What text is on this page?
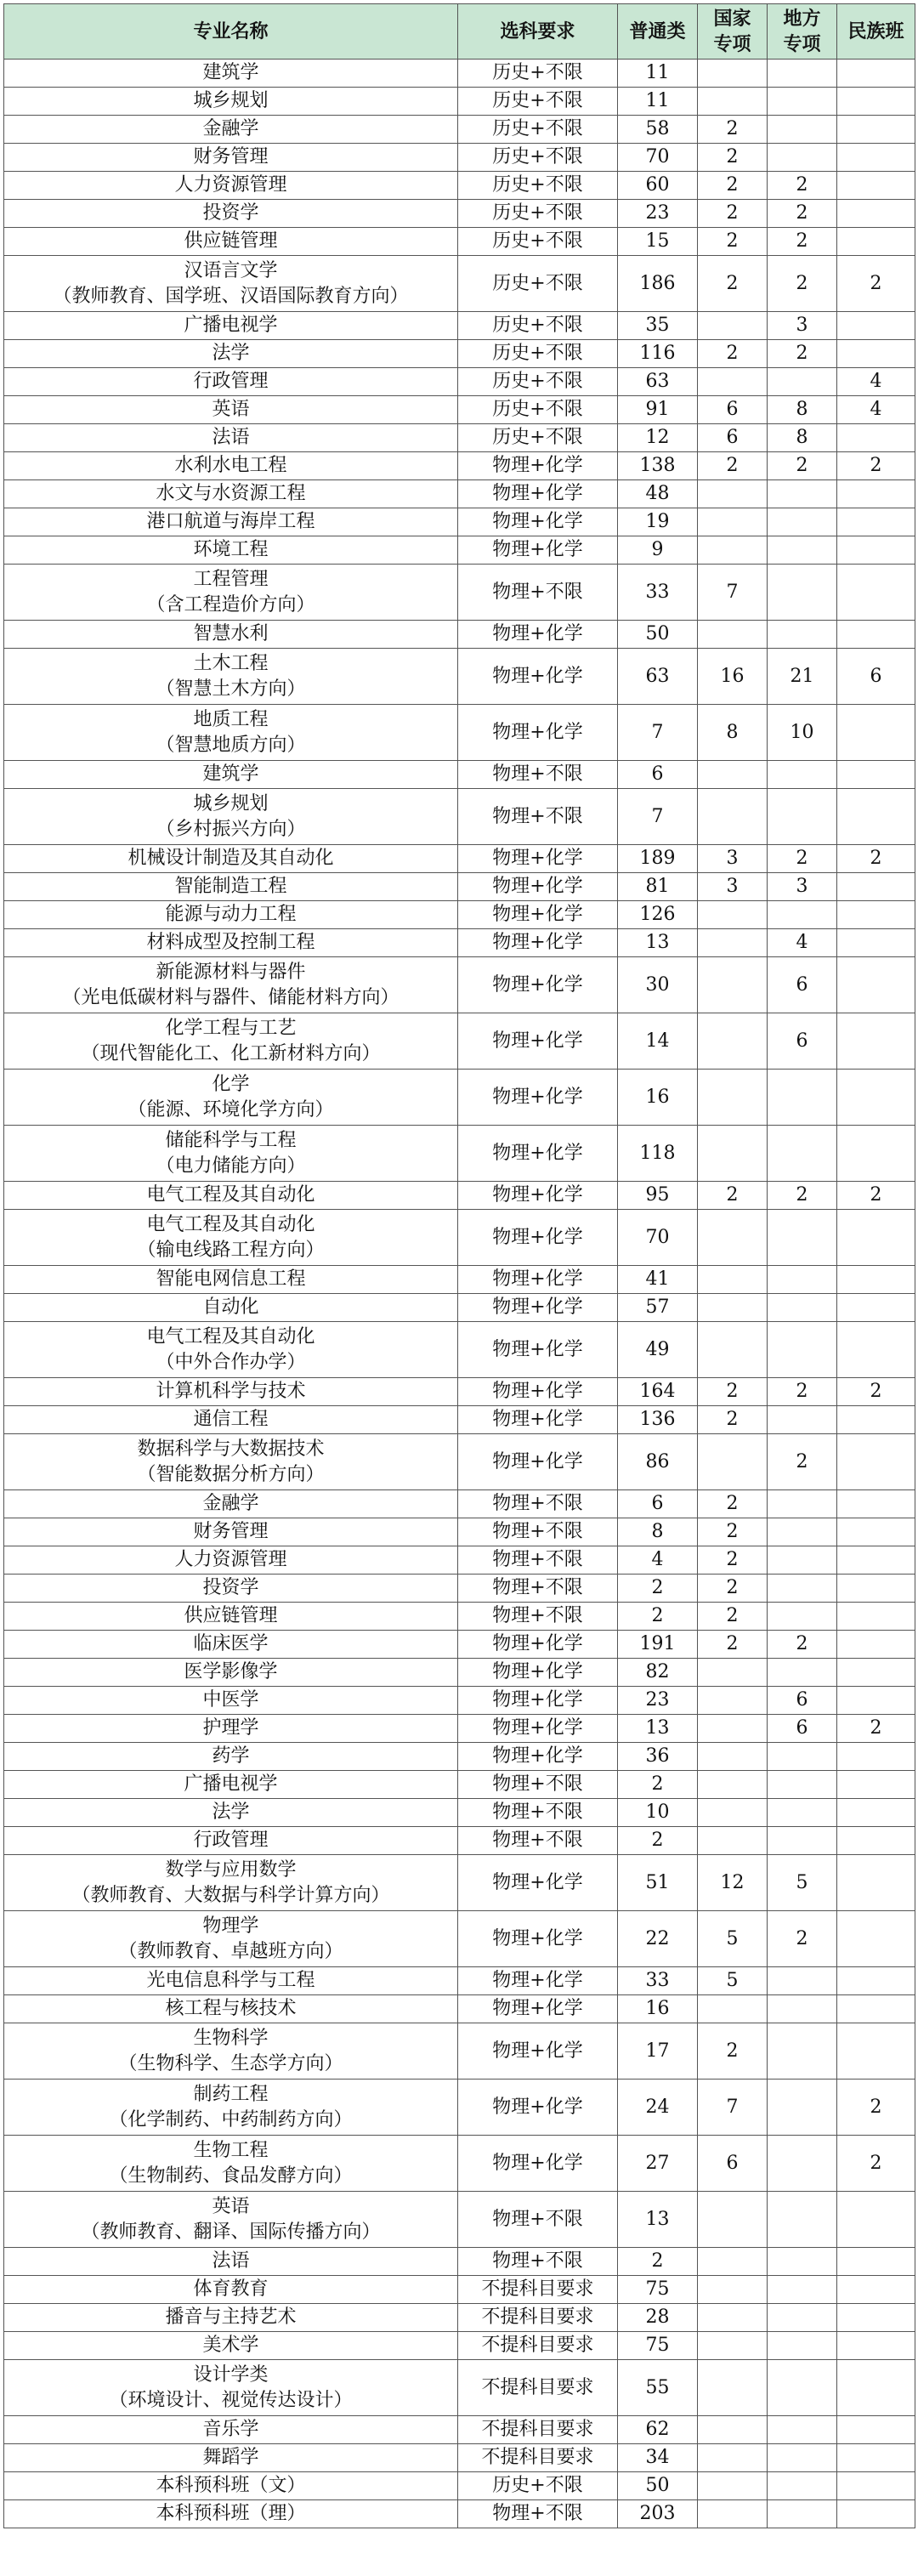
专业名称	选科要求	普通类	国家专项	地方专项	民族班

建筑学	历史+不限	11			

城乡规划	历史+不限	11			

金融学	历史+不限	58	2		

财务管理	历史+不限	70	2		

人力资源管理	历史+不限	60	2	2	

投资学	历史+不限	23	2	2	

供应链管理	历史+不限	15	2	2	

汉语言文学
（教师教育、国学班、汉语国际教育方向）	历史+不限	186	2	2	2

广播电视学	历史+不限	35		3	

法学	历史+不限	116	2	2	

行政管理	历史+不限	63			4

英语	历史+不限	91	6	8	4

法语	历史+不限	12	6	8	

水利水电工程	物理+化学	138	2	2	2

水文与水资源工程	物理+化学	48			

港口航道与海岸工程	物理+化学	19			

环境工程	物理+化学	9			

工程管理
（含工程造价方向）	物理+不限	33	7		

智慧水利	物理+化学	50			

土木工程
（智慧土木方向）	物理+化学	63	16	21	6

地质工程
（智慧地质方向）	物理+化学	7	8	10	

建筑学	物理+不限	6			

城乡规划
（乡村振兴方向）	物理+不限	7			

机械设计制造及其自动化	物理+化学	189	3	2	2

智能制造工程	物理+化学	81	3	3	

能源与动力工程	物理+化学	126			

材料成型及控制工程	物理+化学	13		4	

新能源材料与器件
（光电低碳材料与器件、储能材料方向）	物理+化学	30		6	

化学工程与工艺
（现代智能化工、化工新材料方向）	物理+化学	14		6	

化学
（能源、环境化学方向）	物理+化学	16			

储能科学与工程
（电力储能方向）	物理+化学	118			

电气工程及其自动化	物理+化学	95	2	2	2

电气工程及其自动化
（输电线路工程方向）	物理+化学	70			

智能电网信息工程	物理+化学	41			

自动化	物理+化学	57			

电气工程及其自动化
（中外合作办学）	物理+化学	49			

计算机科学与技术	物理+化学	164	2	2	2

通信工程	物理+化学	136	2		

数据科学与大数据技术
（智能数据分析方向）	物理+化学	86		2	

金融学	物理+不限	6	2		

财务管理	物理+不限	8	2		

人力资源管理	物理+不限	4	2		

投资学	物理+不限	2	2		

供应链管理	物理+不限	2	2		

临床医学	物理+化学	191	2	2	

医学影像学	物理+化学	82			

中医学	物理+化学	23		6	

护理学	物理+化学	13		6	2

药学	物理+化学	36			

广播电视学	物理+不限	2			

法学	物理+不限	10			

行政管理	物理+不限	2			

数学与应用数学
（教师教育、大数据与科学计算方向）	物理+化学	51	12	5	

物理学
（教师教育、卓越班方向）	物理+化学	22	5	2	

光电信息科学与工程	物理+化学	33	5		

核工程与核技术	物理+化学	16			

生物科学
（生物科学、生态学方向）	物理+化学	17	2		

制药工程
（化学制药、中药制药方向）	物理+化学	24	7		2

生物工程
（生物制药、食品发酵方向）	物理+化学	27	6		2

英语
（教师教育、翻译、国际传播方向）	物理+不限	13			

法语	物理+不限	2			

体育教育	不提科目要求	75			

播音与主持艺术	不提科目要求	28			

美术学	不提科目要求	75			

设计学类
（环境设计、视觉传达设计）	不提科目要求	55			

音乐学	不提科目要求	62			

舞蹈学	不提科目要求	34			

本科预科班（文）	历史+不限	50			

本科预科班（理）	物理+不限	203			
